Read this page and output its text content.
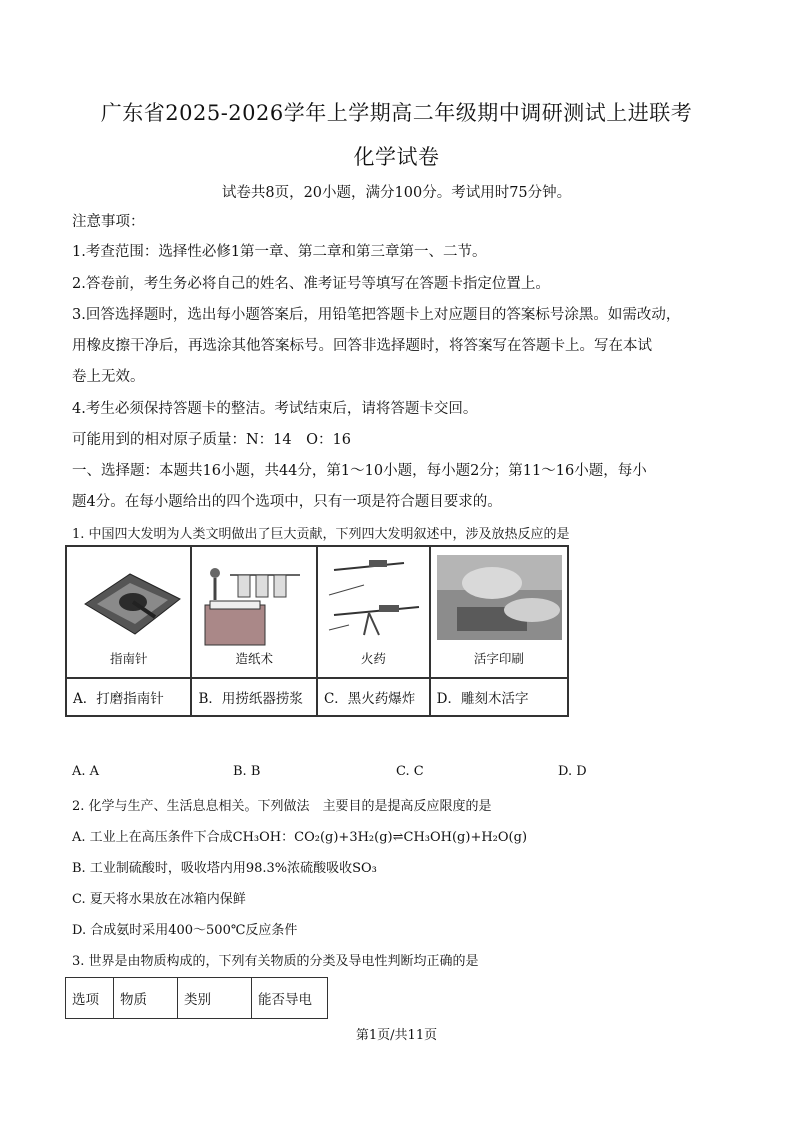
广东省2025-2026学年上学期高二年级期中调研测试上进联考
化学试卷
试卷共8页，20小题，满分100分。考试用时75分钟。
注意事项：
1.考查范围：选择性必修1第一章、第二章和第三章第一、二节。
2.答卷前，考生务必将自己的姓名、准考证号等填写在答题卡指定位置上。
3.回答选择题时，选出每小题答案后，用铅笔把答题卡上对应题目的答案标号涂黑。如需改动，
用橡皮擦干净后，再选涂其他答案标号。回答非选择题时，将答案写在答题卡上。写在本试
卷上无效。
4.考生必须保持答题卡的整洁。考试结束后，请将答题卡交回。
可能用到的相对原子质量：N：14　O：16
一、选择题：本题共16小题，共44分，第1～10小题，每小题2分；第11～16小题，每小
题4分。在每小题给出的四个选项中，只有一项是符合题目要求的。
1. 中国四大发明为人类文明做出了巨大贡献，下列四大发明叙述中，涉及放热反应的是
指南针	造纸术	火药	活字印刷

A．打磨指南针	B．用捞纸器捞浆	C．黑火药爆炸	D．雕刻木活字
A. A	B. B	C. C	D. D
2. 化学与生产、生活息息相关。下列做法　主要目的是提高反应限度的是
A. 工业上在高压条件下合成CH₃OH：CO₂(g)+3H₂(g)⇌CH₃OH(g)+H₂O(g)
B. 工业制硫酸时，吸收塔内用98.3%浓硫酸吸收SO₃
C. 夏天将水果放在冰箱内保鲜
D. 合成氨时采用400～500℃反应条件
3. 世界是由物质构成的，下列有关物质的分类及导电性判断均正确的是
选项	物质	类别	能否导电
第1页/共11页
